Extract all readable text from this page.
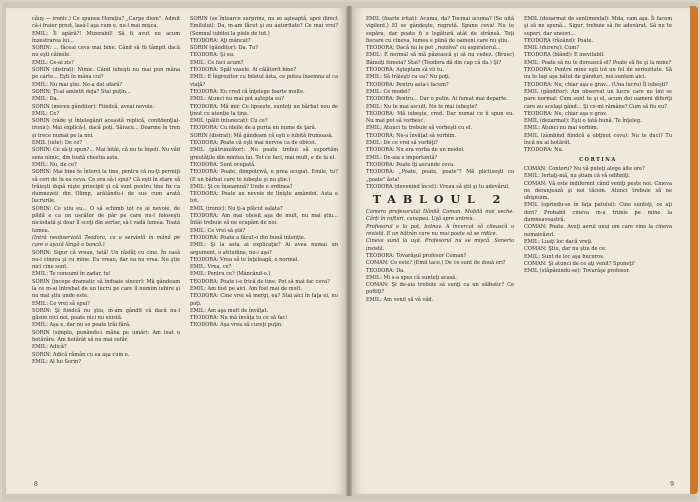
cãuş — ironic.) Ce spunea Horaţiu? „Carpe diem". Admit că-i fraier prost, lasă-l aşa cum e, nu-l mai mişca.

EMIL: Îl apără?! Mizerabil! Să fi avut eu acum înzestrarea lui...

SORIN: ... făceai ceva mai bine. Când să fii tâmpit dacă nu eşti câinele.

EMIL: Ce-ai zis?

SORIN (distrat): Nimic. Când iubeşti nu mai pun mâna pe carte... Eşti în mâna cui?

EMIL: Nu mai ştiu. Ne-a dat afară?

SORIN: Ţi-ai amintit deja? Stai puţin...

EMIL: Da.

SORIN (mereu gânditor): Fiindcă, aveai nevoie.

EMIL: Ce?

SORIN (râde şi înţelegând această replică, confidenţial-ironic): Mai explică-l, dacă poţi. Săracu... Doarme în tren şi trece numai pe la noi.

EMIL (iute): De ce?

SORIN: Ce să-ţi spun?... Mai întâi, că nu te înşeli. Nu văd sens nimic, din toată chestia asta.

EMIL: Nu, de ce?

SORIN: Mai bine te întorci la tine, pentru că nu-ţi permiţi să ceri de la ea ceva. Ce era să-i spui? Că eşti în stare să trăieşti după nişte principii şi că sunt pentru tine fix ca dumnezeii din Olimp, arătându-i de sus cum arată lucrurile.

SORIN: Ce știu eu... O să schimb tot ce ai nevoie, de pildă e ca un uscător de păr pe care nu-l foloseşti niciodată şi doar îl scoţi din sertar, să-l vadă lumea. Toată lumea.

(Intră neobservată Teodora, ca o servietă în mână pe care o aşază lângă o bancă.)

SORIN: Sigur că vreau, tată! Un răsfăţ cu cine. În casă nu-i cineva şi cu mine. Eu vreau, dar ea nu vrea. Nu ştie nici cine sunt.

EMIL: Te consumi în zadar, tu!

SORIN (începe dramatic să îndoaie sincer): Mă gândeam la ce m-ai întrebat de un lucru pe care îl numim iubire şi nu mai ştiu unde este.

EMIL: Ce vrei să spui?

SORIN: Şi fiindcă nu ştiu, m-am gândit că dacă nu-l găsim nici noi, poate nici nu există.

EMIL: Aşa e, dar nu se poate trăi fără.

SORIN (simplu, punându-i mâna pe umăr): Am luat o hotărâre. Am hotărât să nu mai sufăr.

EMIL: Adică?

SORIN: Adică rămân cu ea aşa cum e.

EMIL: Al lui Sorin?

SORIN (se întoarce surprins, nu se aşteaptă, apoi direct Emilului): Da, m-am făcut şi eu autoritate? Ce mai vrei? (Somnul iubitei la piele de tot.)

TEODORA: Aţi mâncat?

SORIN (gânditor): Da. Tu?

TEODORA: Şi eu.

EMIL: Ce faci acum?

TEODORA: Spăl vasele. Ai călătorit bine?

EMIL: E îngrozitor cu biletul ăsta, ce putea însemna el ca viaţă?

TEODORA: Eu cred că înţelege foarte multe.

EMIL: Atunci nu mai pot aştepta eu?

TEODORA: Mă mir. Ce lipsește, sunteţi un bărbat nou de ţinut cu atenţie la tine.

EMIL (pălit întunecat): Cu ce?

TEODORA: Cu ideile de a purta un nume de ţară.

SORIN (distrat): Mă gândeam că eşti o iubită frumoasă.

TEODORA: Poate că eşti mai nervos ca de obicei.

EMIL (pătrunzător): Nu poate trebui să suportăm greutăţile din mintea lui. Tot ce faci, mai mult, e de la el.

TEODORA: Sunt ocupată.

TEODORA: Poate, dimpotrivă, e prea ocupat. Emile, tu? (E un bărbat care te iubeşte şi nu ştie.)

EMIL: Şi ce înseamnă? Unde e ordinea?

TEODORA: Poate au nevoie de linişte amândoi. Asta e tot.

EMIL (ironic): Nu ţi-a plăcut salata?

TEODORA: Am mai obosit aşa de mult, nu mai ştiu... Întâi trebuie să ne ocupăm de noi.

EMIL: Ce vrei să ştii?

TEODORA: Poate a făcut-o din bună intenţie.

EMIL: Şi la asta ai explicaţie? Ai avea numai un argument, o atitudine, nu-i aşa?

TEODORA: Vrea să te înţeleagă, e normal.

EMIL: Vrea, ce?

EMIL: Pentru ce? (Mâncând-o.)

TEODORA: Poate i-e frică de tine. Pot să mai fac ceva?

EMIL: Am fost pe aici. Am fost mai de mult.

TEODORA: Cine vrei să mergi, ea? Stai aici în faţa ei, nu poţi.

EMIL: Am aşa mult de învăţat.

TEODORA: Nu mă învăţa tu ce să fac!

TEODORA: Aşa vrea să cureţi puţin.

8

EMIL (foarte iritat): Acuma, da? Tocmai acuma? (Se uită vigilent.) El se gândeşte, regretă. Spune ceva! Nu te supăra, dar poate fi o legătură atât de strânsă. Toţi fiecare cu cineva, lumea e plină de oameni care nu ştiu.

TEODORA: Dacă nu le pot „rezolva" cu aspiratorul...

EMIL: E normal să mă păzească şi să nu cedez. (Brusc) Bănuiţi femeia? Stai? (Teodora dă din cap că da.) Şi?

TEODORA: Aşteptam să vii tu.

EMIL: Să trăieşti cu ea? Nu poţi.

TEODORA: Pentru asta-i facem?

EMIL: Ce model?

TEODORA: Pentru... Dar o putin. Ai fumat mai departe.

EMIL: Nu te mai ascult. Nu te mai iubeşte?

TEODORA: Mă iubeşte, cred. Dar numai ce îi spun eu. Nu mai pot să vorbesc.

EMIL: Atunci tu trebuie să vorbeşti cu el.

TEODORA: Ne-a învăţat să vorbim.

EMIL: De ce vrei să vorbiţi?

TEODORA: Nu era vorba de un model.

EMIL: De-aia e importantă?

TEODORA: Poate îţi ascunde ceva.

TEODORA: „Poate, poate, poate"? Mă plictiseşti cu „poate" ăsta!

TEODORA (devenind încet): Vreau să ştii şi tu adevărul.

TABLOUL 2

Camera profesorului Dănilă Coman. Mobilă mai veche. Cărţi în rafturi, canapea. Uşă spre antreu.

Profesorul e la pat, bolnav. A încercat să citească o revistă. E un bătrân care nu mai poate să se ridice.

Cineva sună la uşă. Profesorul nu se mişcă. Soneria insistă.

TEODORA: Tovarăşul profesor Coman?

COMAN: Ce este? (Emil tace.) De ce sunt de două ori?

TEODORA: Da.

EMIL: Mi s-a spus că sunteţi acasă.

COMAN: Şi de-aia trebuie să sunţi ca un sălbatic? Ce poftiţi?

EMIL: Am venit să vă văd.

EMIL (dezarmat de sentimental): Mda, cam aşa. Îi facem şi să ne spună... Sigur, trebuie să fie adevărat. Să nu te superi, dar uneori...

TEODORA (râzând): Poate.

EMIL (durere): Cum?

TEODORA (blând): E inevitabil.

EMIL: Poate să nu te dorească el? Poate să fie şi la mine?

TEODORA: Pentru mine eşti tot un fel de seriozitate. Să nu te laşi aşa bătut de gânduri, noi suntem aici.

TEODORA: Nu, chiar aşa e grav... (Una lucru) Îl iubeşti?

EMIL (gânditor): Am observat un lucru care nu îmi se pare normal: Cum sunt tu şi el, acum doi oameni diferiţi care au acelaşi gând... Şi ce-mi rămâne? Cum să fiu eu?

TEODORA: Nu, chiar aşa e grav.

EMIL (dezarmat): Eşti o fată bună. Te înţeleg.

EMIL: Atunci nu mai vorbim.

EMIL (zâmbind fiindcă a obţinut ceva): Nu te duci? Tu încă nu ai hotărât.

TEODORA: Nu.

CORTINA

COMAN: Contoru? Nu vă puteţi alege alte ore?

EMIL: Iertaţi-mă, nu ştiam că vă odihniţi.

COMAN: Vă este indiferent când veniţi peste noi. Cineva ne deranjează şi noi tăcem. Atunci trebuie să ne obişnuim.

EMIL (oprindu-se în faţa patului): Cine sunteţi, ce aţi dori? Probabil cineva m-a trimis pe mine la dumneavoastră.

COMAN: Poate. Aveţi aerul unui om care vine la cineva nemaivăzut.

EMIL: Luaţi loc dacă vreţi.

COMAN: Ştiu, dar nu ştiu de ce.

EMIL: Sunt de loc aşa bucuros.

COMAN: Şi atunci de ce aţi venit? Spuneţi!

EMIL (stăpânindu-se): Tovarăşe profesor.

9
